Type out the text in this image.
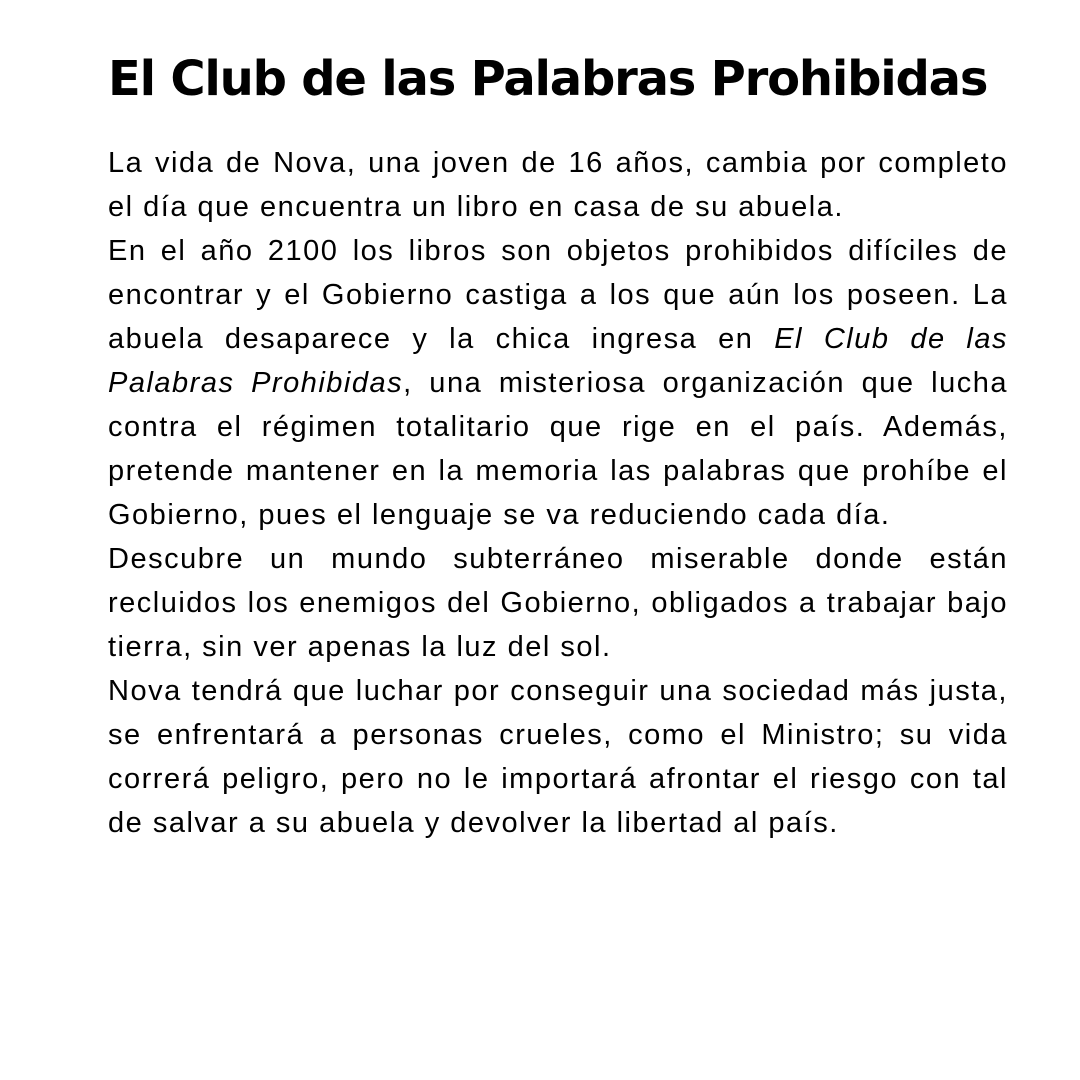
El Club de las Palabras Prohibidas

La vida de Nova, una joven de 16 años, cambia por completo el día que encuentra un libro en casa de su abuela.

En el año 2100 los libros son objetos prohibidos difíciles de encontrar y el Gobierno castiga a los que aún los poseen. La abuela desaparece y la chica ingresa en El Club de las Palabras Prohibidas, una misteriosa organización que lucha contra el régimen totalitario que rige en el país. Además, pretende mantener en la memoria las palabras que prohíbe el Gobierno, pues el lenguaje se va reduciendo cada día.

Descubre un mundo subterráneo miserable donde están recluidos los enemigos del Gobierno, obligados a trabajar bajo tierra, sin ver apenas la luz del sol.

Nova tendrá que luchar por conseguir una sociedad más justa, se enfrentará a personas crueles, como el Ministro; su vida correrá peligro, pero no le importará afrontar el riesgo con tal de salvar a su abuela y devolver la libertad al país.
